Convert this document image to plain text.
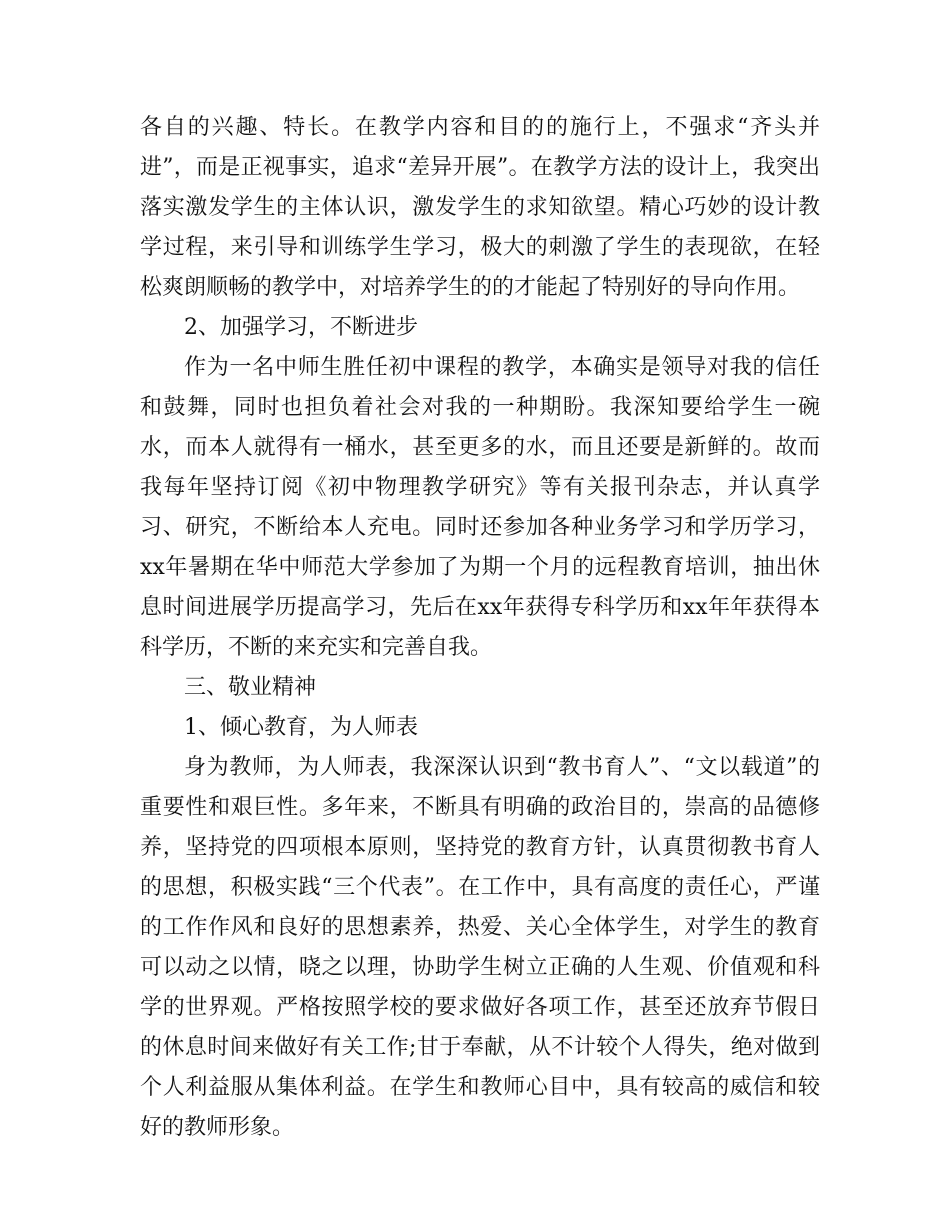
各自的兴趣、特长。在教学内容和目的的施行上，不强求“齐头并进”，而是正视事实，追求“差异开展”。在教学方法的设计上，我突出落实激发学生的主体认识，激发学生的求知欲望。精心巧妙的设计教学过程，来引导和训练学生学习，极大的刺激了学生的表现欲，在轻松爽朗顺畅的教学中，对培养学生的的才能起了特别好的导向作用。

2、加强学习，不断进步

作为一名中师生胜任初中课程的教学，本确实是领导对我的信任和鼓舞，同时也担负着社会对我的一种期盼。我深知要给学生一碗水，而本人就得有一桶水，甚至更多的水，而且还要是新鲜的。故而我每年坚持订阅《初中物理教学研究》等有关报刊杂志，并认真学习、研究，不断给本人充电。同时还参加各种业务学习和学历学习，xx年暑期在华中师范大学参加了为期一个月的远程教育培训，抽出休息时间进展学历提高学习，先后在xx年获得专科学历和xx年年获得本科学历，不断的来充实和完善自我。

三、敬业精神

1、倾心教育，为人师表

身为教师，为人师表，我深深认识到“教书育人”、“文以载道”的重要性和艰巨性。多年来，不断具有明确的政治目的，崇高的品德修养，坚持党的四项根本原则，坚持党的教育方针，认真贯彻教书育人的思想，积极实践“三个代表”。在工作中，具有高度的责任心，严谨的工作作风和良好的思想素养，热爱、关心全体学生，对学生的教育可以动之以情，晓之以理，协助学生树立正确的人生观、价值观和科学的世界观。严格按照学校的要求做好各项工作，甚至还放弃节假日的休息时间来做好有关工作;甘于奉献，从不计较个人得失，绝对做到个人利益服从集体利益。在学生和教师心目中，具有较高的威信和较好的教师形象。
